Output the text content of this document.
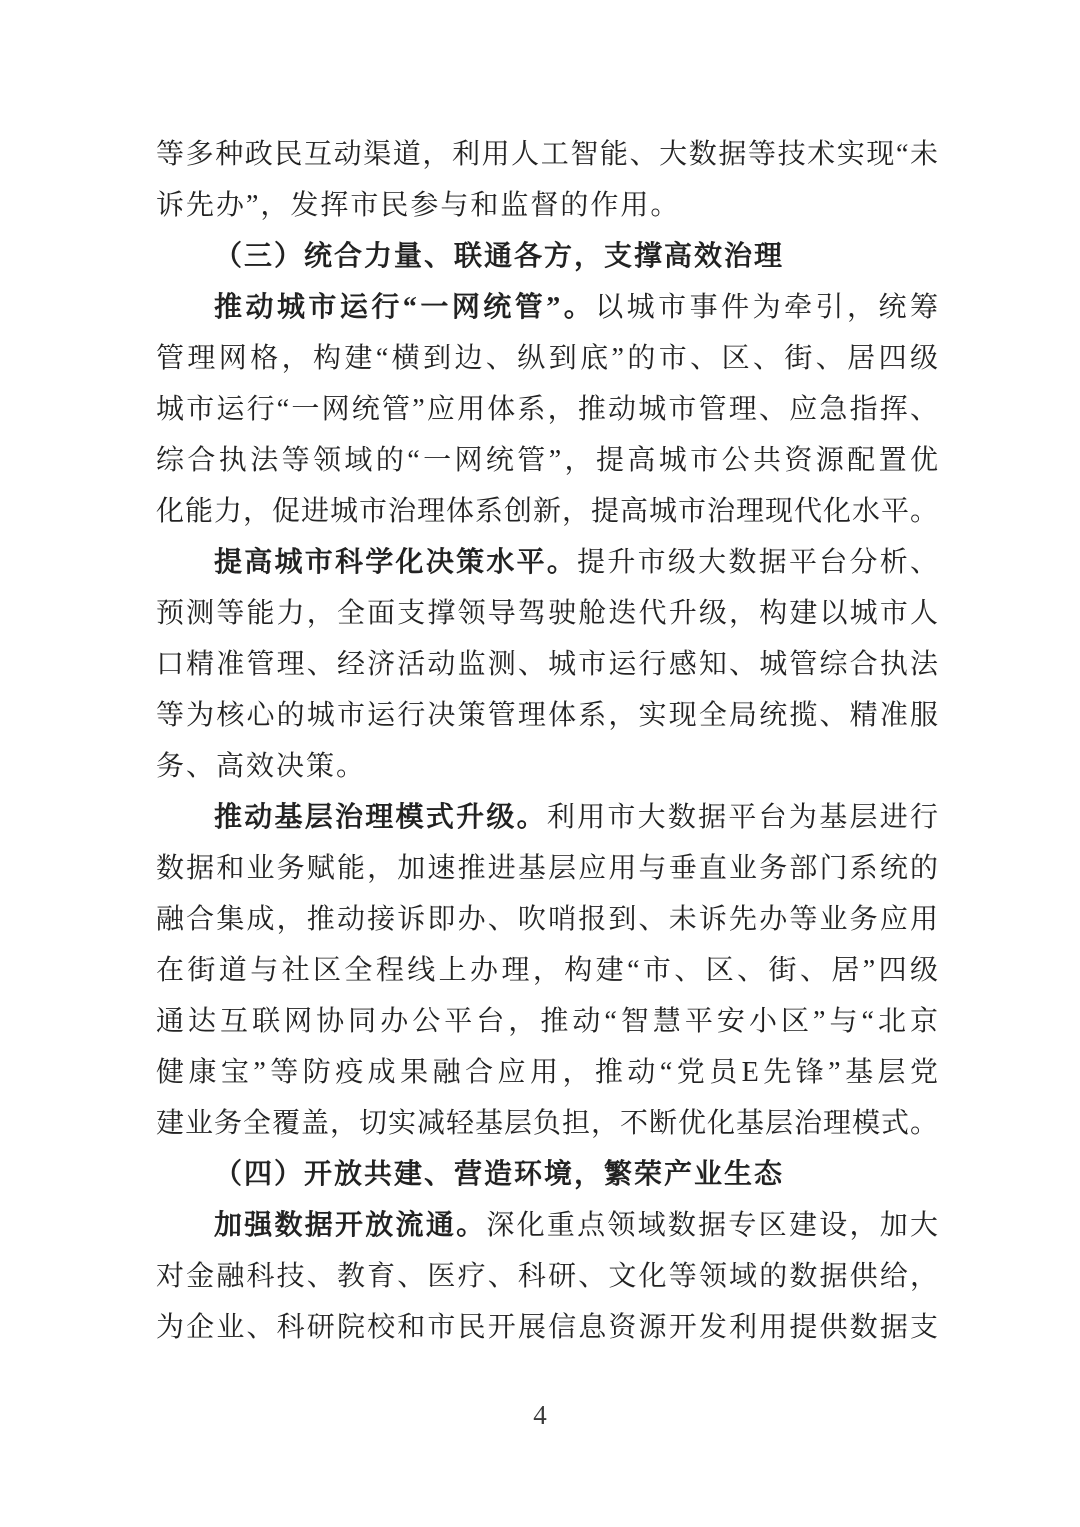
等多种政民互动渠道，利用人工智能、大数据等技术实现“未
诉先办”，发挥市民参与和监督的作用。
（三）统合力量、联通各方，支撑高效治理
推动城市运行“一网统管”。以城市事件为牵引，统筹
管理网格，构建“横到边、纵到底”的市、区、街、居四级
城市运行“一网统管”应用体系，推动城市管理、应急指挥、
综合执法等领域的“一网统管”，提高城市公共资源配置优
化能力，促进城市治理体系创新，提高城市治理现代化水平。
提高城市科学化决策水平。提升市级大数据平台分析、
预测等能力，全面支撑领导驾驶舱迭代升级，构建以城市人
口精准管理、经济活动监测、城市运行感知、城管综合执法
等为核心的城市运行决策管理体系，实现全局统揽、精准服
务、高效决策。
推动基层治理模式升级。利用市大数据平台为基层进行
数据和业务赋能，加速推进基层应用与垂直业务部门系统的
融合集成，推动接诉即办、吹哨报到、未诉先办等业务应用
在街道与社区全程线上办理，构建“市、区、街、居”四级
通达互联网协同办公平台，推动“智慧平安小区”与“北京
健康宝”等防疫成果融合应用，推动“党员E先锋”基层党
建业务全覆盖，切实减轻基层负担，不断优化基层治理模式。
（四）开放共建、营造环境，繁荣产业生态
加强数据开放流通。深化重点领域数据专区建设，加大
对金融科技、教育、医疗、科研、文化等领域的数据供给，
为企业、科研院校和市民开展信息资源开发利用提供数据支
4
